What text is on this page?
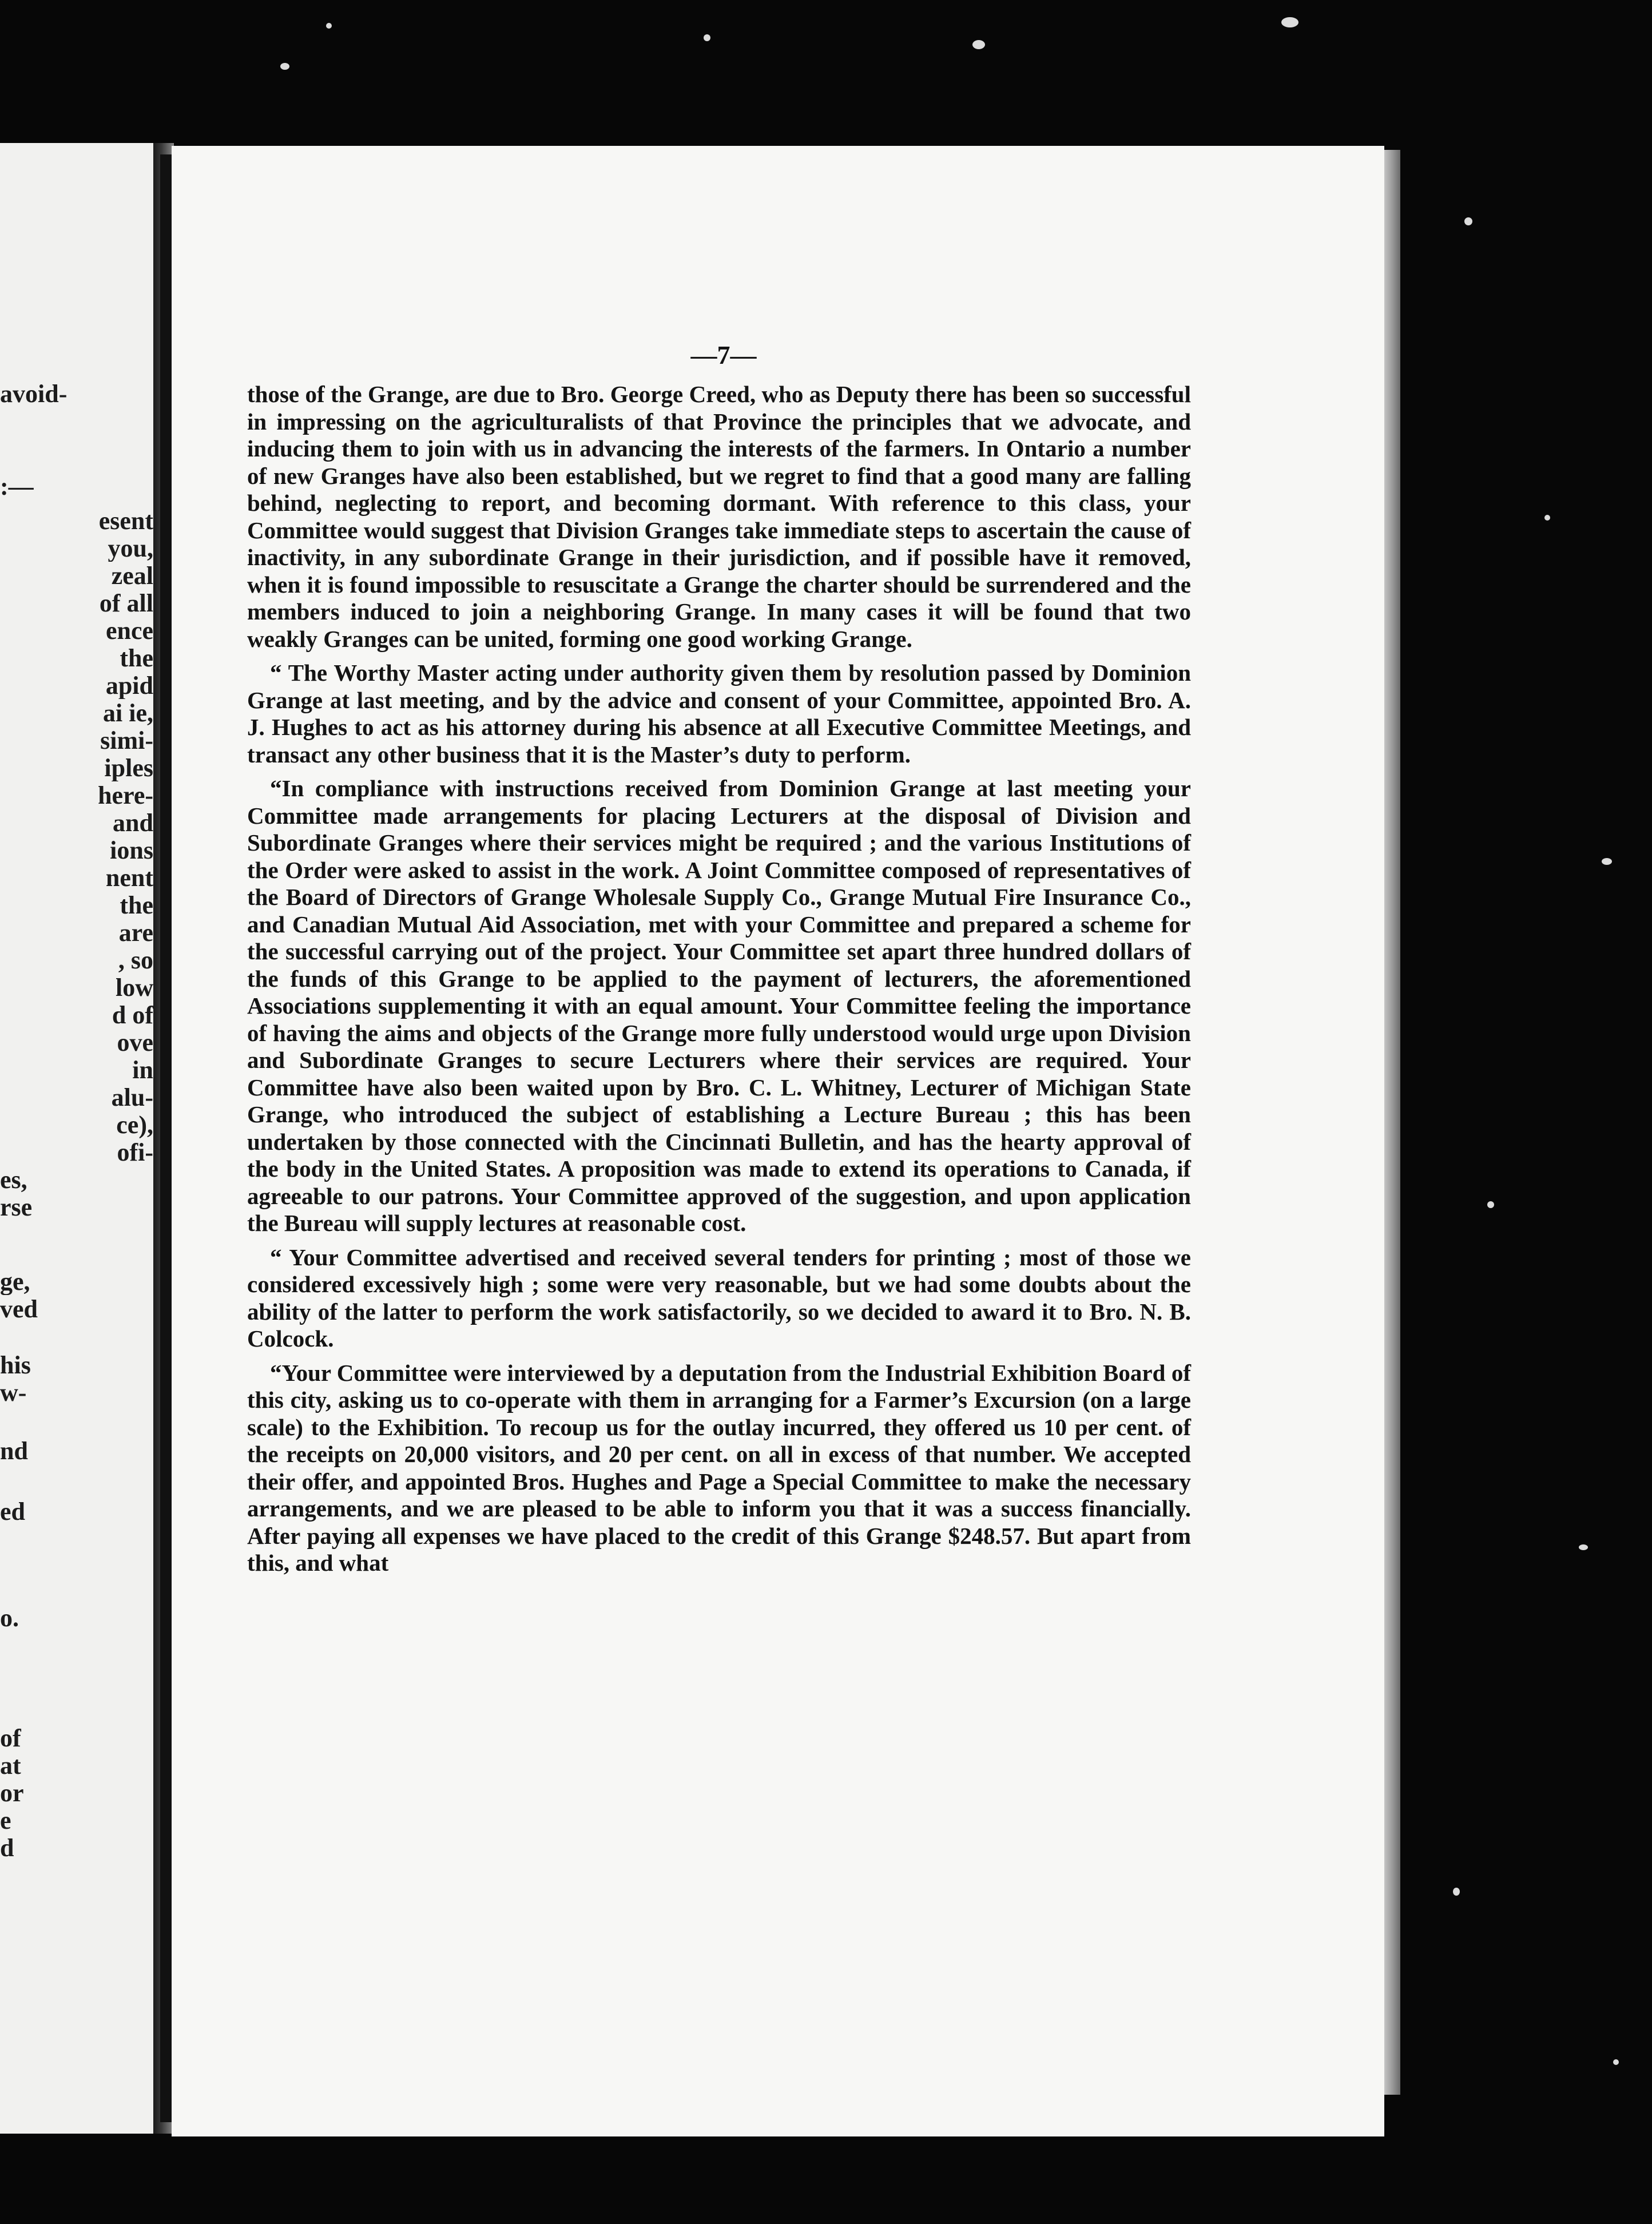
avoid-
:—
esent
you,
zeal
of all
ence
the
apid
ai ie,
simi-
iples
here-
and
ions
nent
the
are
, so
low
d of
ove
in
alu-
ce),
ofi-
es,
rse
ge,
ved
his
w-
nd
ed
o.
of
at
or
e
d
—7—

those of the Grange, are due to Bro. George Creed, who as Deputy there has been so successful in impressing on the agriculturalists of that Province the principles that we advocate, and inducing them to join with us in advancing the interests of the farmers. In Ontario a number of new Granges have also been established, but we regret to find that a good many are falling behind, neglecting to report, and becoming dormant. With reference to this class, your Committee would suggest that Division Granges take immediate steps to ascertain the cause of inactivity, in any subordinate Grange in their jurisdiction, and if possible have it removed, when it is found impossible to resuscitate a Grange the charter should be surrendered and the members induced to join a neighboring Grange. In many cases it will be found that two weakly Granges can be united, forming one good working Grange.

“ The Worthy Master acting under authority given them by resolution passed by Dominion Grange at last meeting, and by the advice and consent of your Committee, appointed Bro. A. J. Hughes to act as his attorney during his absence at all Executive Committee Meetings, and transact any other business that it is the Master’s duty to perform.

“In compliance with instructions received from Dominion Grange at last meeting your Committee made arrangements for placing Lecturers at the disposal of Division and Subordinate Granges where their services might be required ; and the various Institutions of the Order were asked to assist in the work. A Joint Committee composed of representatives of the Board of Directors of Grange Wholesale Supply Co., Grange Mutual Fire Insurance Co., and Canadian Mutual Aid Association, met with your Committee and prepared a scheme for the successful carrying out of the project. Your Committee set apart three hundred dollars of the funds of this Grange to be applied to the payment of lecturers, the aforementioned Associations supplementing it with an equal amount. Your Committee feeling the importance of having the aims and objects of the Grange more fully understood would urge upon Division and Subordinate Granges to secure Lecturers where their services are required. Your Committee have also been waited upon by Bro. C. L. Whitney, Lecturer of Michigan State Grange, who introduced the subject of establishing a Lecture Bureau ; this has been undertaken by those connected with the Cincinnati Bulletin, and has the hearty approval of the body in the United States. A proposition was made to extend its operations to Canada, if agreeable to our patrons. Your Committee approved of the suggestion, and upon application the Bureau will supply lectures at reasonable cost.

“ Your Committee advertised and received several tenders for printing ; most of those we considered excessively high ; some were very reasonable, but we had some doubts about the ability of the latter to perform the work satisfactorily, so we decided to award it to Bro. N. B. Colcock.

“Your Committee were interviewed by a deputation from the Industrial Exhibition Board of this city, asking us to co-operate with them in arranging for a Farmer’s Excursion (on a large scale) to the Exhibition. To recoup us for the outlay incurred, they offered us 10 per cent. of the receipts on 20,000 visitors, and 20 per cent. on all in excess of that number. We accepted their offer, and appointed Bros. Hughes and Page a Special Committee to make the necessary arrangements, and we are pleased to be able to inform you that it was a success financially. After paying all expenses we have placed to the credit of this Grange $248.57. But apart from this, and what
